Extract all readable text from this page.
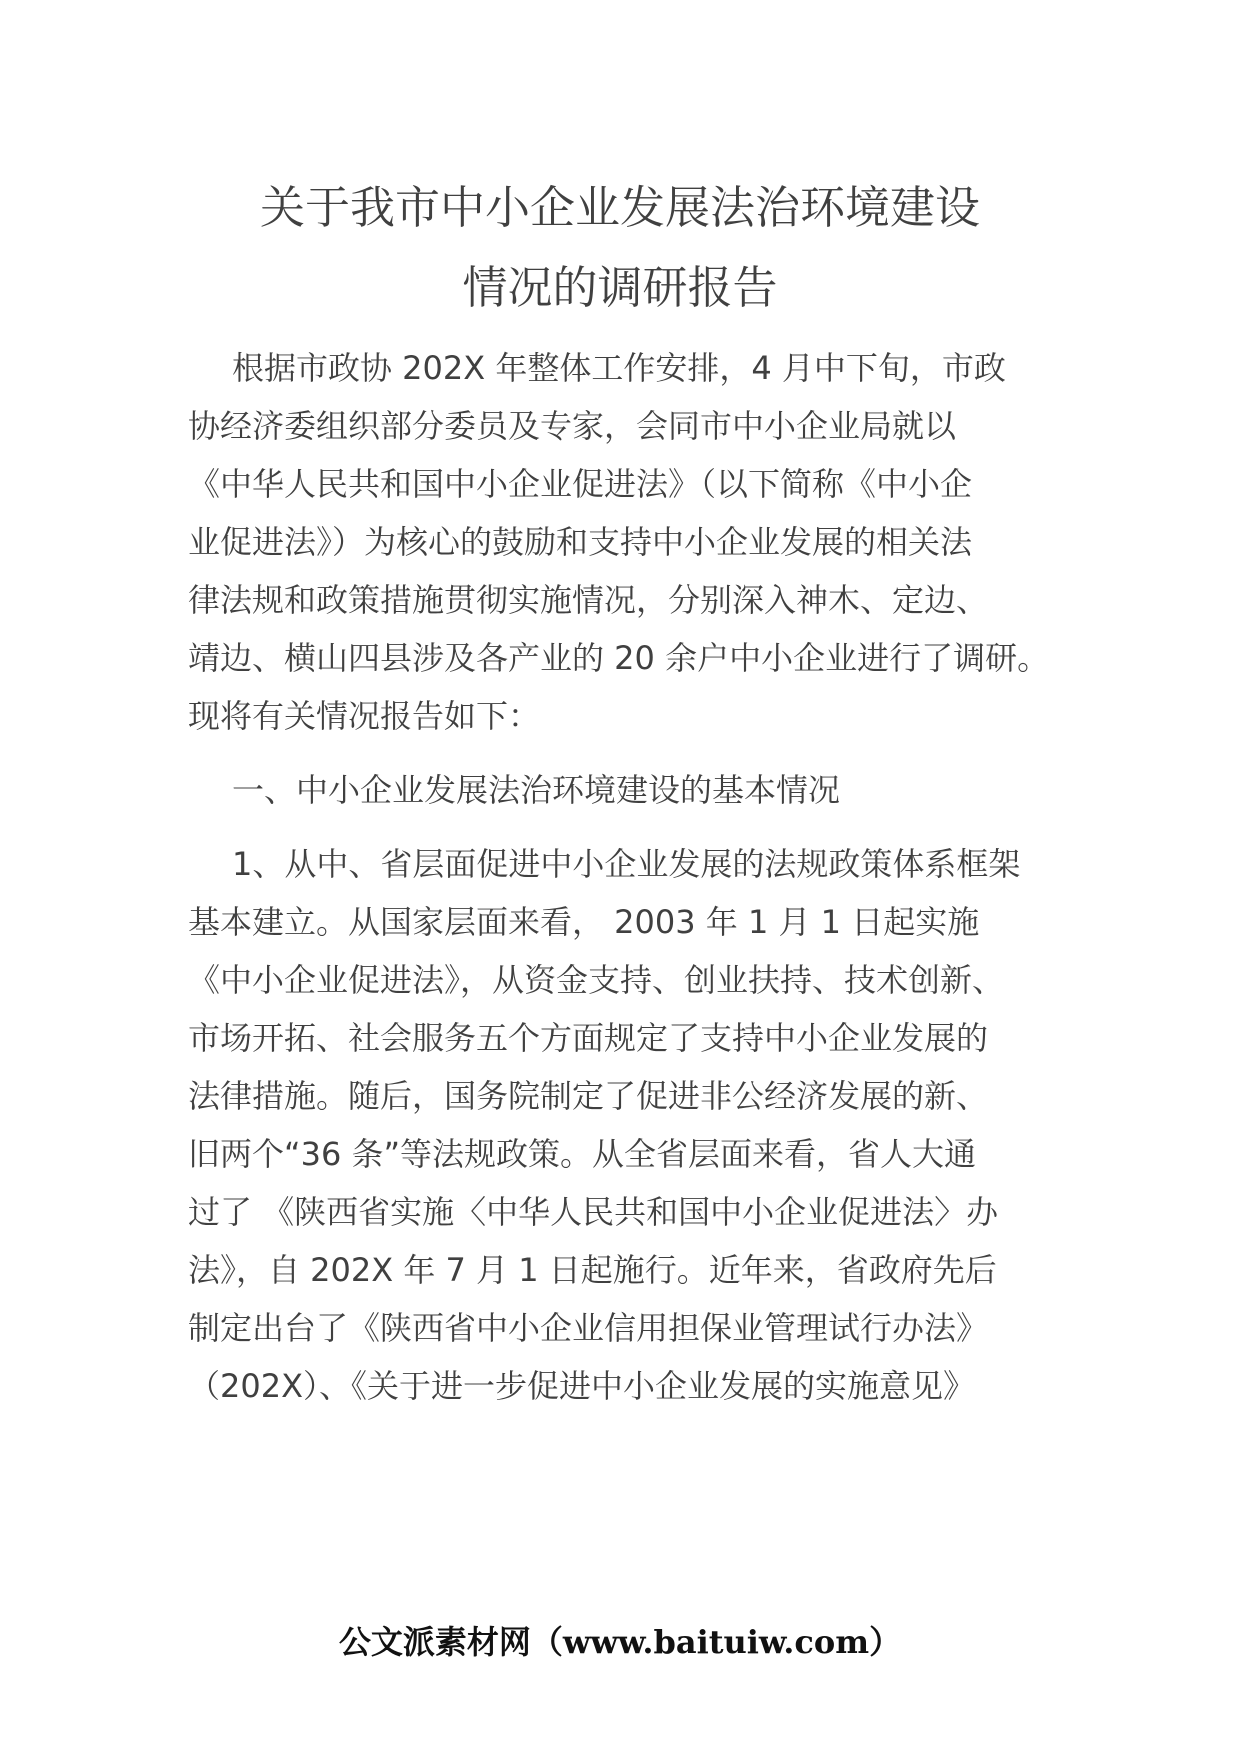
关于我市中小企业发展法治环境建设
情况的调研报告

根据市政协 202X 年整体工作安排，4 月中下旬，市政

协经济委组织部分委员及专家，会同市中小企业局就以

《中华人民共和国中小企业促进法》（以下简称《中小企

业促进法》）为核心的鼓励和支持中小企业发展的相关法

律法规和政策措施贯彻实施情况，分别深入神木、定边、

靖边、横山四县涉及各产业的 20 余户中小企业进行了调研。

现将有关情况报告如下：

一、中小企业发展法治环境建设的基本情况

1、从中、省层面促进中小企业发展的法规政策体系框架

基本建立。从国家层面来看， 2003 年 1 月 1 日起实施

《中小企业促进法》，从资金支持、创业扶持、技术创新、

市场开拓、社会服务五个方面规定了支持中小企业发展的

法律措施。随后，国务院制定了促进非公经济发展的新、

旧两个“36 条”等法规政策。从全省层面来看，省人大通

过了 《陕西省实施〈中华人民共和国中小企业促进法〉办

法》，自 202X 年 7 月 1 日起施行。近年来，省政府先后

制定出台了《陕西省中小企业信用担保业管理试行办法》

（202X）、《关于进一步促进中小企业发展的实施意见》

公文派素材网（www.baituiw.com）
